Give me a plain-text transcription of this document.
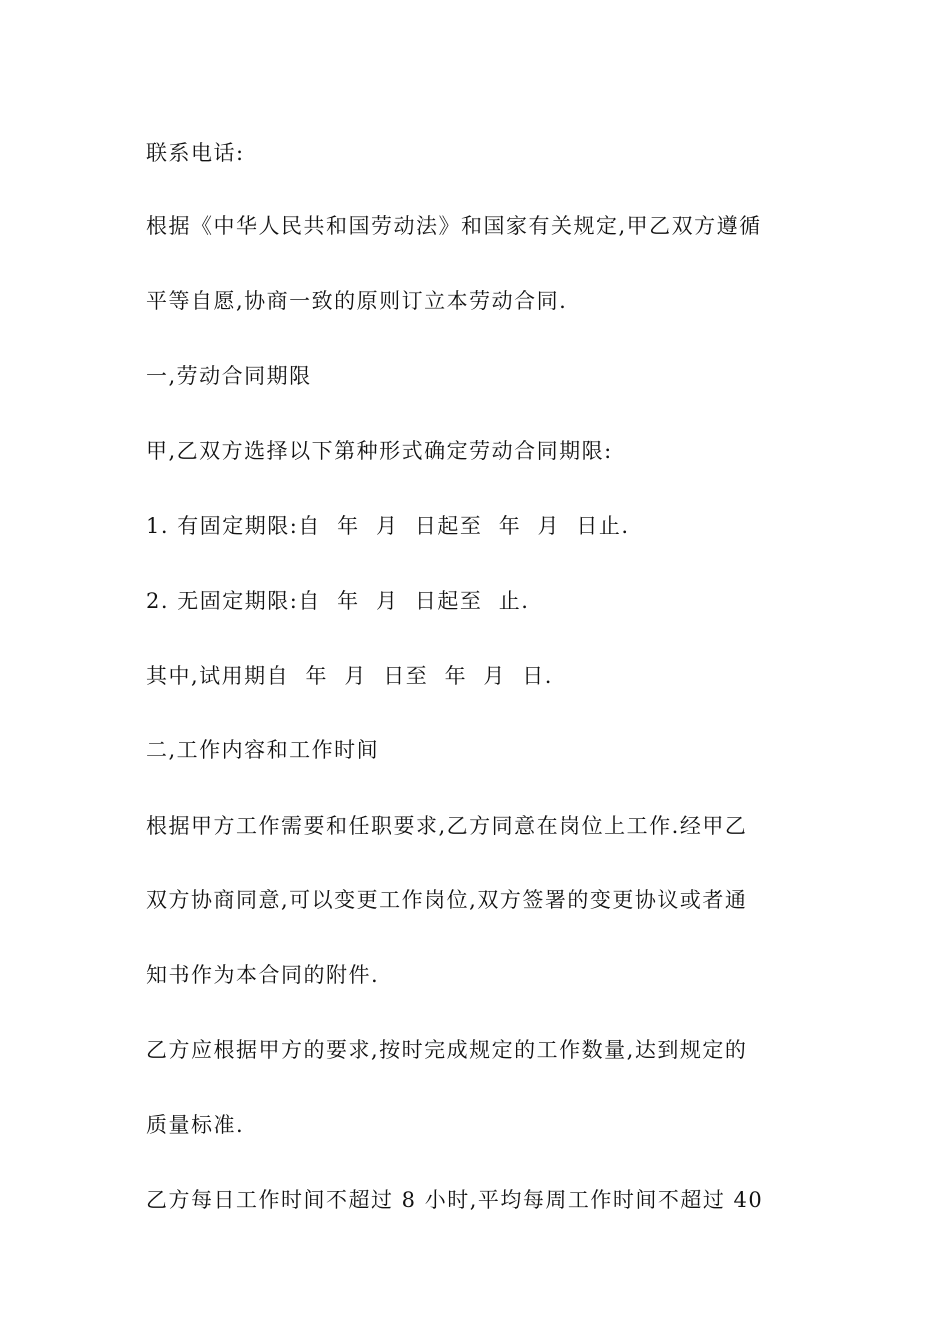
联系电话:
根据《中华人民共和国劳动法》和国家有关规定,甲乙双方遵循
平等自愿,协商一致的原则订立本劳动合同.
一,劳动合同期限
甲,乙双方选择以下第种形式确定劳动合同期限:
1. 有固定期限:自  年  月  日起至  年  月  日止.
2. 无固定期限:自  年  月  日起至  止.
其中,试用期自  年  月  日至  年  月  日.
二,工作内容和工作时间
根据甲方工作需要和任职要求,乙方同意在岗位上工作.经甲乙
双方协商同意,可以变更工作岗位,双方签署的变更协议或者通
知书作为本合同的附件.
乙方应根据甲方的要求,按时完成规定的工作数量,达到规定的
质量标准.
乙方每日工作时间不超过 8 小时,平均每周工作时间不超过 40
